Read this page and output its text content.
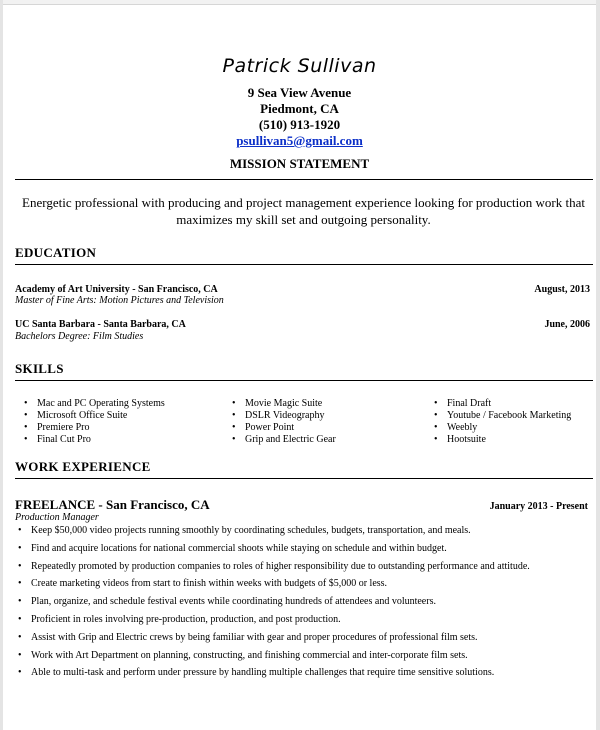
Patrick Sullivan
9 Sea View Avenue
Piedmont, CA
(510) 913-1920
psullivan5@gmail.com
MISSION STATEMENT
Energetic professional with producing and project management experience looking for production work that
maximizes my skill set and outgoing personality.
EDUCATION
Academy of Art University - San Francisco, CA	August, 2013
Master of Fine Arts: Motion Pictures and Television
UC Santa Barbara - Santa Barbara, CA	June, 2006
Bachelors Degree: Film Studies
SKILLS
• Mac and PC Operating Systems
• Microsoft Office Suite
• Premiere Pro
• Final Cut Pro
• Movie Magic Suite
• DSLR Videography
• Power Point
• Grip and Electric Gear
• Final Draft
• Youtube / Facebook Marketing
• Weebly
• Hootsuite
WORK EXPERIENCE
FREELANCE - San Francisco, CA	January 2013 - Present
Production Manager
• Keep $50,000 video projects running smoothly by coordinating schedules, budgets, transportation, and meals.
• Find and acquire locations for national commercial shoots while staying on schedule and within budget.
• Repeatedly promoted by production companies to roles of higher responsibility due to outstanding performance and attitude.
• Create marketing videos from start to finish within weeks with budgets of $5,000 or less.
• Plan, organize, and schedule festival events while coordinating hundreds of attendees and volunteers.
• Proficient in roles involving pre-production, production, and post production.
• Assist with Grip and Electric crews by being familiar with gear and proper procedures of professional film sets.
• Work with Art Department on planning, constructing, and finishing commercial and inter-corporate film sets.
• Able to multi-task and perform under pressure by handling multiple challenges that require time sensitive solutions.
